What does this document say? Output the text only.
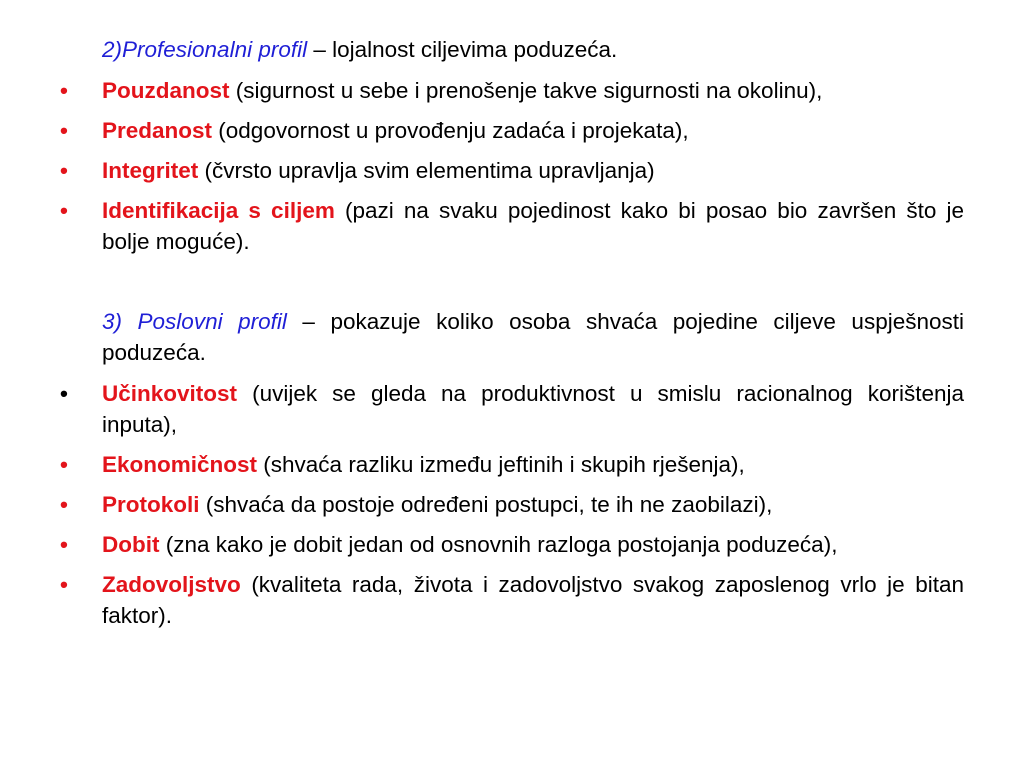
2)Profesionalni profil – lojalnost ciljevima poduzeća.

•	Pouzdanost (sigurnost u sebe i prenošenje takve sigurnosti na okolinu),
•	Predanost (odgovornost u provođenju zadaća i projekata),
•	Integritet (čvrsto upravlja svim elementima upravljanja)
•	Identifikacija s ciljem (pazi na svaku pojedinost kako bi posao bio završen što je bolje moguće).

3) Poslovni profil – pokazuje koliko osoba shvaća pojedine ciljeve uspješnosti poduzeća.

•	Učinkovitost (uvijek se gleda na produktivnost u smislu racionalnog korištenja inputa),
•	Ekonomičnost (shvaća razliku između jeftinih i skupih rješenja),
•	Protokoli (shvaća da postoje određeni postupci, te ih ne zaobilazi),
•	Dobit (zna kako je dobit jedan od osnovnih razloga postojanja poduzeća),
•	Zadovoljstvo (kvaliteta rada, života i zadovoljstvo svakog zaposlenog vrlo je bitan faktor).
